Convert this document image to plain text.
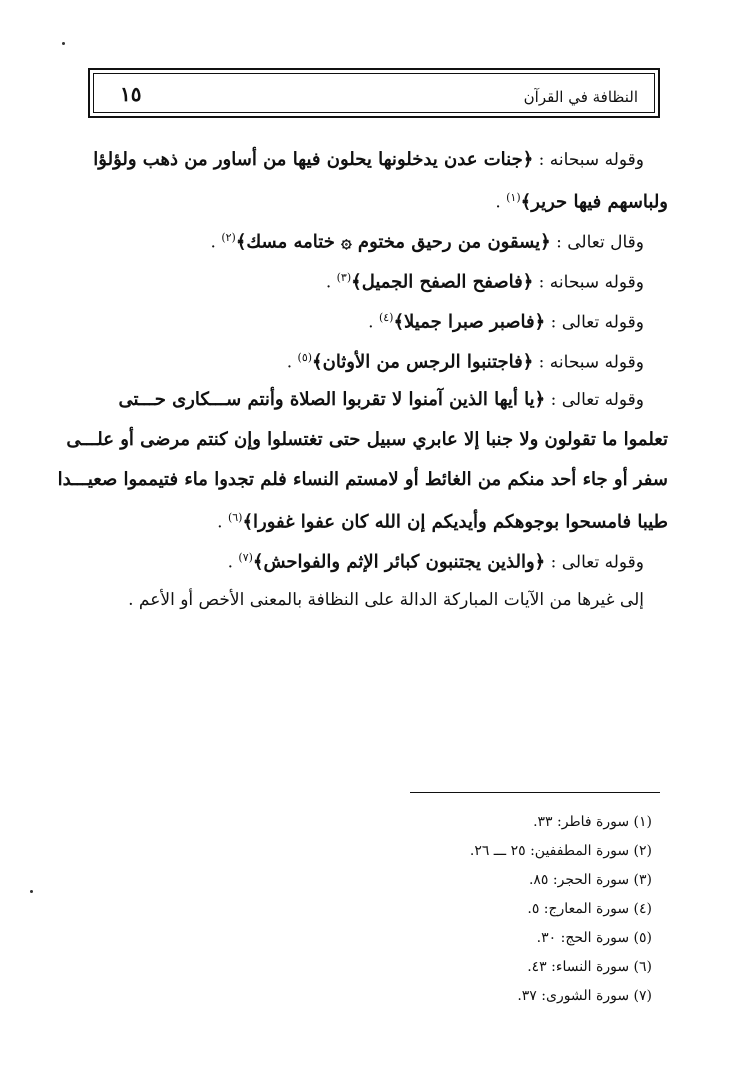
النظافة في القرآن
١٥
وقوله سبحانه : ﴿جنات عدن يدخلونها يحلون فيها من أساور من ذهب ولؤلؤا
ولباسهم فيها حرير﴾$^{(١)}$ .
وقال تعالى : ﴿يسقون من رحيق مختوم ۞ ختامه مسك﴾$^{(٢)}$ .
وقوله سبحانه : ﴿فاصفح الصفح الجميل﴾$^{(٣)}$ .
وقوله تعالى : ﴿فاصبر صبرا جميلا﴾$^{(٤)}$ .
وقوله سبحانه : ﴿فاجتنبوا الرجس من الأوثان﴾$^{(٥)}$ .
وقوله تعالى : ﴿يا أيها الذين آمنوا لا تقربوا الصلاة وأنتم ســـكارى حـــتى
تعلموا ما تقولون ولا جنبا إلا عابري سبيل حتى تغتسلوا وإن كنتم مرضى أو علـــى
سفر أو جاء أحد منكم من الغائط أو لامستم النساء فلم تجدوا ماء فتيمموا صعيـــدا
طيبا فامسحوا بوجوهكم وأيديكم إن الله كان عفوا غفورا﴾$^{(٦)}$ .
وقوله تعالى : ﴿والذين يجتنبون كبائر الإثم والفواحش﴾$^{(٧)}$ .
إلى غيرها من الآيات المباركة الدالة على النظافة بالمعنى الأخص أو الأعم .
(١) سورة فاطر: ٣٣.
(٢) سورة المطففين: ٢٥ ـــ ٢٦.
(٣) سورة الحجر: ٨٥.
(٤) سورة المعارج: ٥.
(٥) سورة الحج: ٣٠.
(٦) سورة النساء: ٤٣.
(٧) سورة الشورى: ٣٧.
